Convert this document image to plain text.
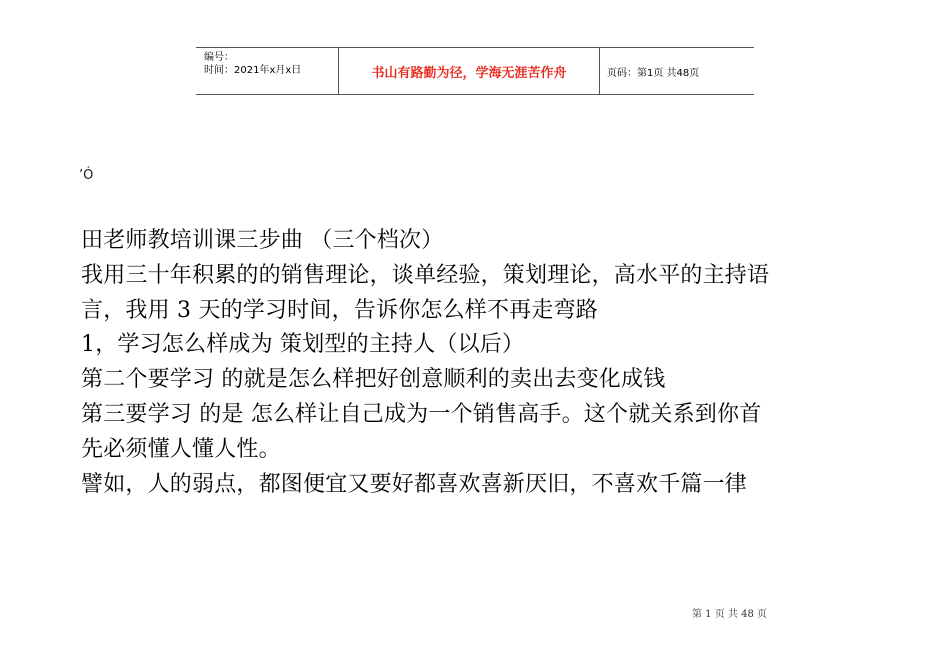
编号：
时间：2021年x月x日	书山有路勤为径，学海无涯苦作舟	页码：第1页 共48页
’Ó
田老师教培训课三步曲 （三个档次）
我用三十年积累的的销售理论，谈单经验，策划理论，高水平的主持语
言，我用 3 天的学习时间，告诉你怎么样不再走弯路
1，学习怎么样成为 策划型的主持人（以后）
第二个要学习 的就是怎么样把好创意顺利的卖出去变化成钱
第三要学习 的是 怎么样让自己成为一个销售高手。这个就关系到你首
先必须懂人懂人性。
譬如，人的弱点，都图便宜又要好都喜欢喜新厌旧，不喜欢千篇一律
第 1 页 共 48 页
